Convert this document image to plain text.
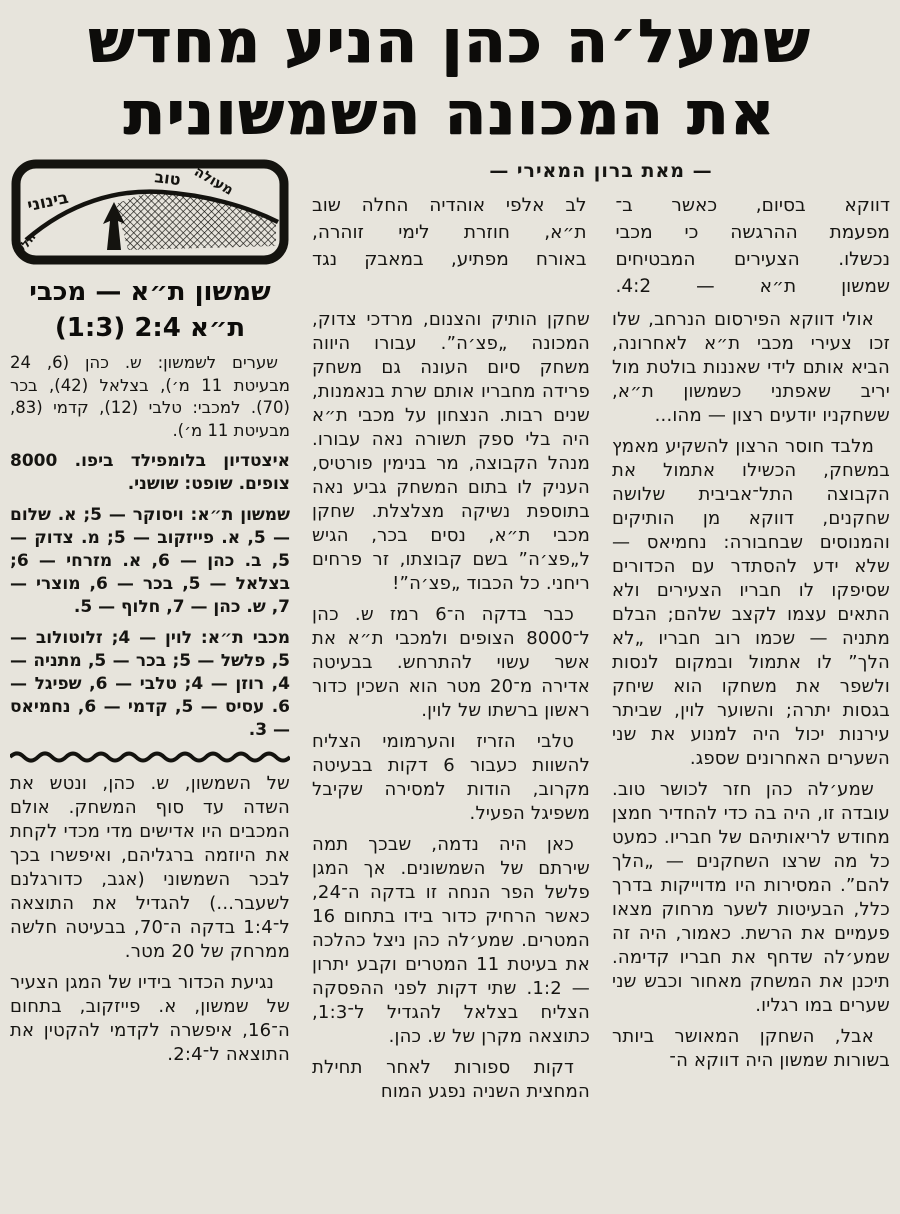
שמעל׳ה כהן הניע מחדש
את המכונה השמשונית
— מאת ברון המאירי —
דווקא בסיום, כאשר ב־
לב אלפי אוהדיה החלה שוב
מפעמת ההרגשה כי מכבי
ת״א, חוזרת לימי זוהרה,
נכשלו. הצעירים המבטיחים
באורח מפתיע, במאבק נגד
שמשון ת״א — 4:2.

אולי דווקא הפירסום הנרחב, שלו זכו צעירי מכבי ת״א לאחרונה, הביא אותם לידי שאננות בולטת מול יריב שאפתני כשמשון ת״א, ששחקניו יודעים רצון — מהו...

מלבד חוסר הרצון להשקיע מאמץ במשחק, הכשילו אתמול את הקבוצה התל־אביבית שלושה שחקנים, דווקא מן הותיקים והמנוסים שבחבורה: נחמיאס — שלא ידע להסתדר עם הכדורים שסיפקו לו חבריו הצעירים ולא התאים עצמו לקצב שלהם; הבלם מתניה — שכמו רוב חבריו „לא הלך” לו אתמול ובמקום לנסות ולשפר את משחקו הוא שיחק בגסות יתרה; והשוער לוין, שביתר עירנות יכול היה למנוע את שני השערים האחרונים שספג.

שמע׳לה כהן חזר לכושר טוב. עובדה זו, היה בה כדי להחדיר חמצן מחודש לריאותיהם של חבריו. כמעט כל מה שרצו השחקנים — „הלך להם”. המסירות היו מדוייקות בדרך כלל, הבעיטות לשער מרחוק מצאו פעמיים את הרשת. כאמור, היה זה שמע׳לה שדחף את חבריו קדימה. תיכנן את המשחק מאחור וכבש שני שערים במו רגליו.

אבל, השחקן המאושר ביותר בשורות שמשון היה דווקא ה־

שחקן הותיק והצנום, מרדכי צדוק, המכונה „פצ׳ה”. עבורו היווה משחק סיום העונה גם משחק פרידה מחבריו אותם שרת בנאמנות, שנים רבות. הנצחון על מכבי ת״א היה בלי ספק תשורה נאה עבורו. מנהל הקבוצה, מר בנימין פורטיס, העניק לו בתום המשחק גביע נאה בתוספת נשיקה מצלצלת. שחקן מכבי ת״א, נסים בכר, הגיש ל„פצ׳ה” בשם קבוצתו, זר פרחים ריחני. כל הכבוד „פצ׳ה”!

כבר בדקה ה־6 רמז ש. כהן ל־8000 הצופים ולמכבי ת״א את אשר עשוי להתרחש. בבעיטה אדירה מ־20 מטר הוא השכין כדור ראשון ברשתו של לוין.

טלבי הזריז והערמומי הצליח להשוות כעבור 6 דקות בבעיטה מקרוב, הודות למסירה שקיבל משפיגל הפעיל.

כאן היה נדמה, שבכך תמה שירתם של השמשונים. אך המגן פלשל הפר הנחה זו בדקה ה־24, כאשר הרחיק כדור בידו בתחום 16 המטרים. שמע׳לה כהן ניצל כהלכה את בעיטת 11 המטרים וקבע יתרון — 1:2. שתי דקות לפני ההפסקה הצליח בצלאל להגדיל ל־1:3, כתוצאה מקרן של ש. כהן.

דקות ספורות לאחר תחילת המחצית השניה נפגע המוח

חלש
בינוני
טוב מעולה
שמשון ת״א — מכבי
ת״א 2:4 (1:3)

שערים לשמשון: ש. כהן (6, 24 מבעיטת 11 מ׳), בצלאל (42), בכר (70). למכבי: טלבי (12), קדמי (83, מבעיטת 11 מ׳).

איצטדיון בלומפילד ביפו. 8000 צופים. שופט: שושני.

שמשון ת״א: ויסוקר — 5; א. שלום — 5, א. פייזקוב — 5; מ. צדוק — 5, ב. כהן — 6, א. מזרחי — 6; בצלאל — 5, בכר — 6, מוצרי — 7, ש. כהן — 7, חלוף — 5.

מכבי ת״א: לוין — 4; זלוטולוב — 5, פלשל — 5; בכר — 5, מתניה — 4, רוזן — 4; טלבי — 6, שפיגל — 6. עסיס — 5, קדמי — 6, נחמיאס — 3.

של השמשון, ש. כהן, ונטש את השדה עד סוף המשחק. אולם המכבים היו אדישים מדי מכדי לקחת את היוזמה ברגליהם, ואיפשרו בכך לבכר השמשוני (אגב, כדורגלנם לשעבר...) להגדיל את התוצאה ל־1:4 בדקה ה־70, בבעיטה חלשה ממרחק של 20 מטר.

נגיעת הכדור בידיו של המגן הצעיר של שמשון, א. פייזקוב, בתחום ה־16, איפשרה לקדמי להקטין את התוצאה ל־2:4.
